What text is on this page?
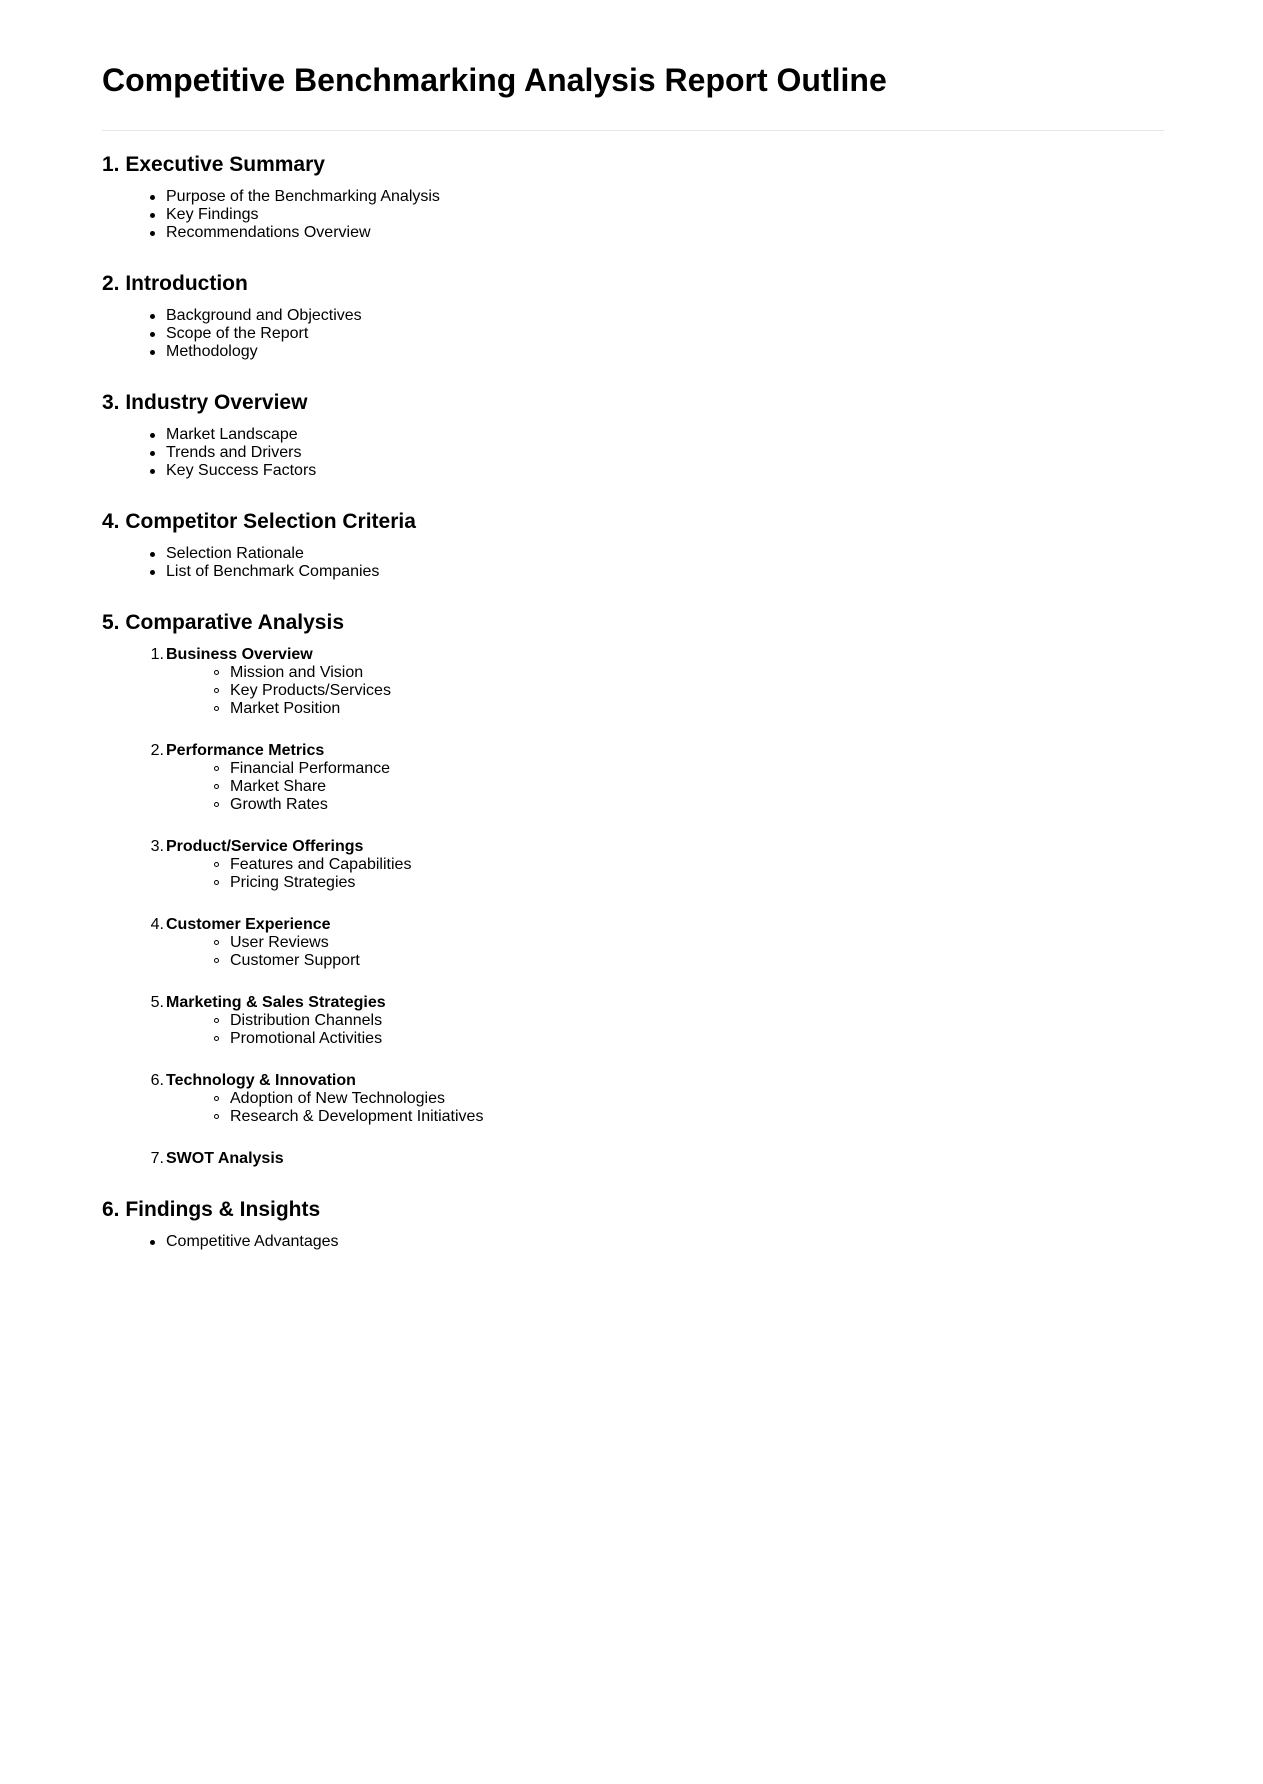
Competitive Benchmarking Analysis Report Outline
1. Executive Summary
Purpose of the Benchmarking Analysis
Key Findings
Recommendations Overview
2. Introduction
Background and Objectives
Scope of the Report
Methodology
3. Industry Overview
Market Landscape
Trends and Drivers
Key Success Factors
4. Competitor Selection Criteria
Selection Rationale
List of Benchmark Companies
5. Comparative Analysis
1. Business Overview
Mission and Vision
Key Products/Services
Market Position
2. Performance Metrics
Financial Performance
Market Share
Growth Rates
3. Product/Service Offerings
Features and Capabilities
Pricing Strategies
4. Customer Experience
User Reviews
Customer Support
5. Marketing & Sales Strategies
Distribution Channels
Promotional Activities
6. Technology & Innovation
Adoption of New Technologies
Research & Development Initiatives
7. SWOT Analysis
6. Findings & Insights
Competitive Advantages
